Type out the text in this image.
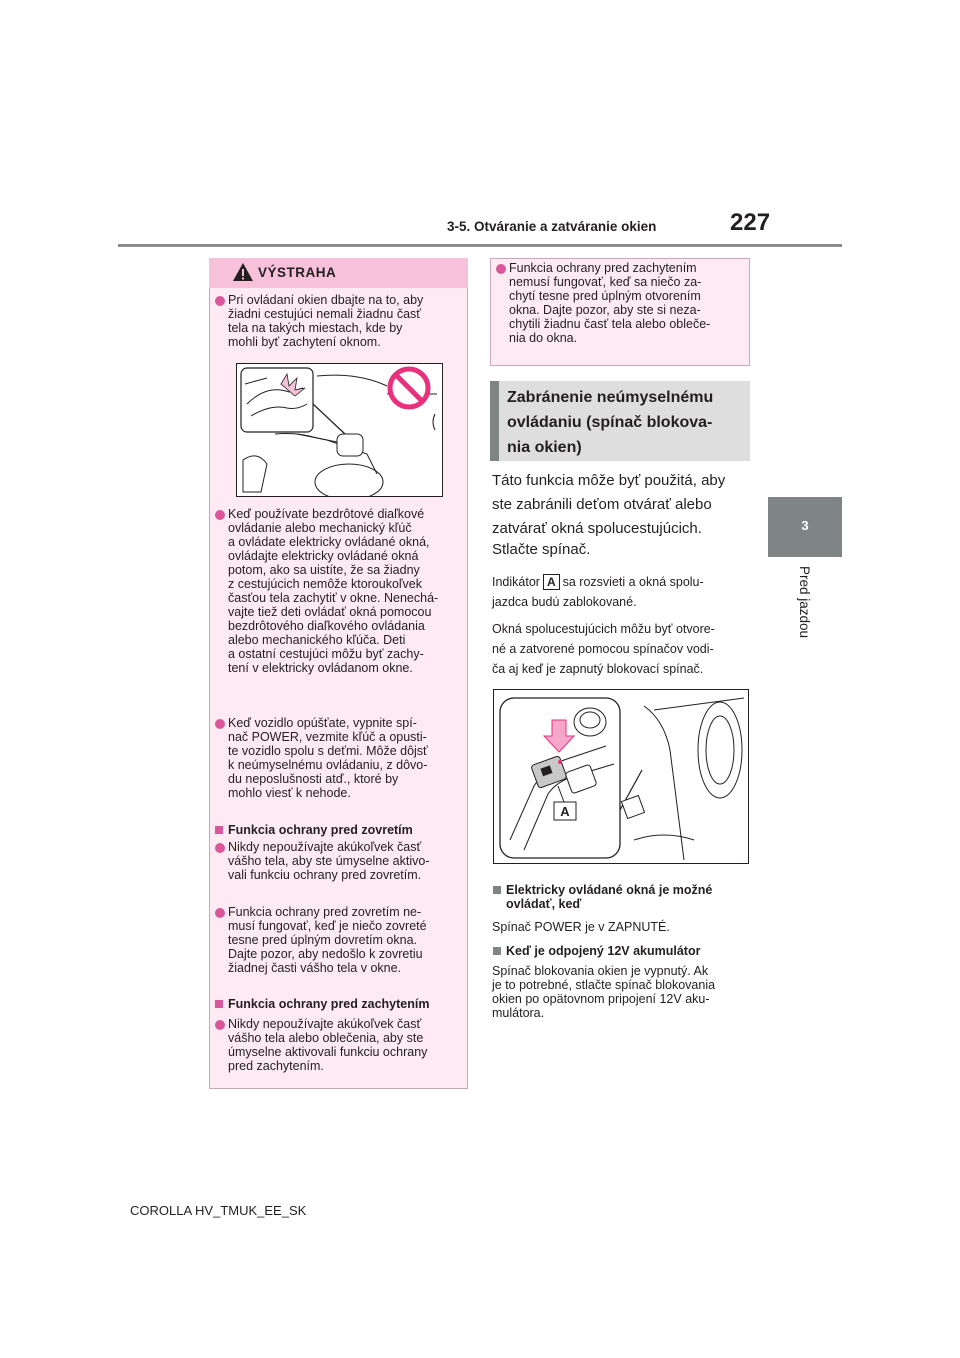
3-5. Otváranie a zatváranie okien	227
3
Pred jazdou
VÝSTRAHA
Pri ovládaní okien dbajte na to, aby
žiadni cestujúci nemali žiadnu časť
tela na takých miestach, kde by
mohli byť zachytení oknom.
Keď používate bezdrôtové diaľkové
ovládanie alebo mechanický kľúč
a ovládate elektricky ovládané okná,
ovládajte elektricky ovládané okná
potom, ako sa uistíte, že sa žiadny
z cestujúcich nemôže ktoroukoľvek
časťou tela zachytiť v okne. Nenechá-
vajte tiež deti ovládať okná pomocou
bezdrôtového diaľkového ovládania
alebo mechanického kľúča. Deti
a ostatní cestujúci môžu byť zachy-
tení v elektricky ovládanom okne.
Keď vozidlo opúšťate, vypnite spí-
nač POWER, vezmite kľúč a opusti-
te vozidlo spolu s deťmi. Môže dôjsť
k neúmyselnému ovládaniu, z dôvo-
du neposlušnosti atď., ktoré by
mohlo viesť k nehode.
Funkcia ochrany pred zovretím
Nikdy nepoužívajte akúkoľvek časť
vášho tela, aby ste úmyselne aktivo-
vali funkciu ochrany pred zovretím.
Funkcia ochrany pred zovretím ne-
musí fungovať, keď je niečo zovreté
tesne pred úplným dovretím okna.
Dajte pozor, aby nedošlo k zovretiu
žiadnej časti vášho tela v okne.
Funkcia ochrany pred zachytením
Nikdy nepoužívajte akúkoľvek časť
vášho tela alebo oblečenia, aby ste
úmyselne aktivovali funkciu ochrany
pred zachytením.
Funkcia ochrany pred zachytením
nemusí fungovať, keď sa niečo za-
chytí tesne pred úplným otvorením
okna. Dajte pozor, aby ste si neza-
chytili žiadnu časť tela alebo obleče-
nia do okna.
Zabránenie neúmyselnému
ovládaniu (spínač blokova-
nia okien)
Táto funkcia môže byť použitá, aby
ste zabránili deťom otvárať alebo
zatvárať okná spolucestujúcich.
Stlačte spínač.
Indikátor A sa rozsvieti a okná spolu-
jazdca budú zablokované.
Okná spolucestujúcich môžu byť otvore-
né a zatvorené pomocou spínačov vodi-
ča aj keď je zapnutý blokovací spínač.
A
Elektricky ovládané okná je možné
ovládať, keď
Spínač POWER je v ZAPNUTÉ.
Keď je odpojený 12V akumulátor
Spínač blokovania okien je vypnutý. Ak
je to potrebné, stlačte spínač blokovania
okien po opätovnom pripojení 12V aku-
mulátora.
COROLLA HV_TMUK_EE_SK
